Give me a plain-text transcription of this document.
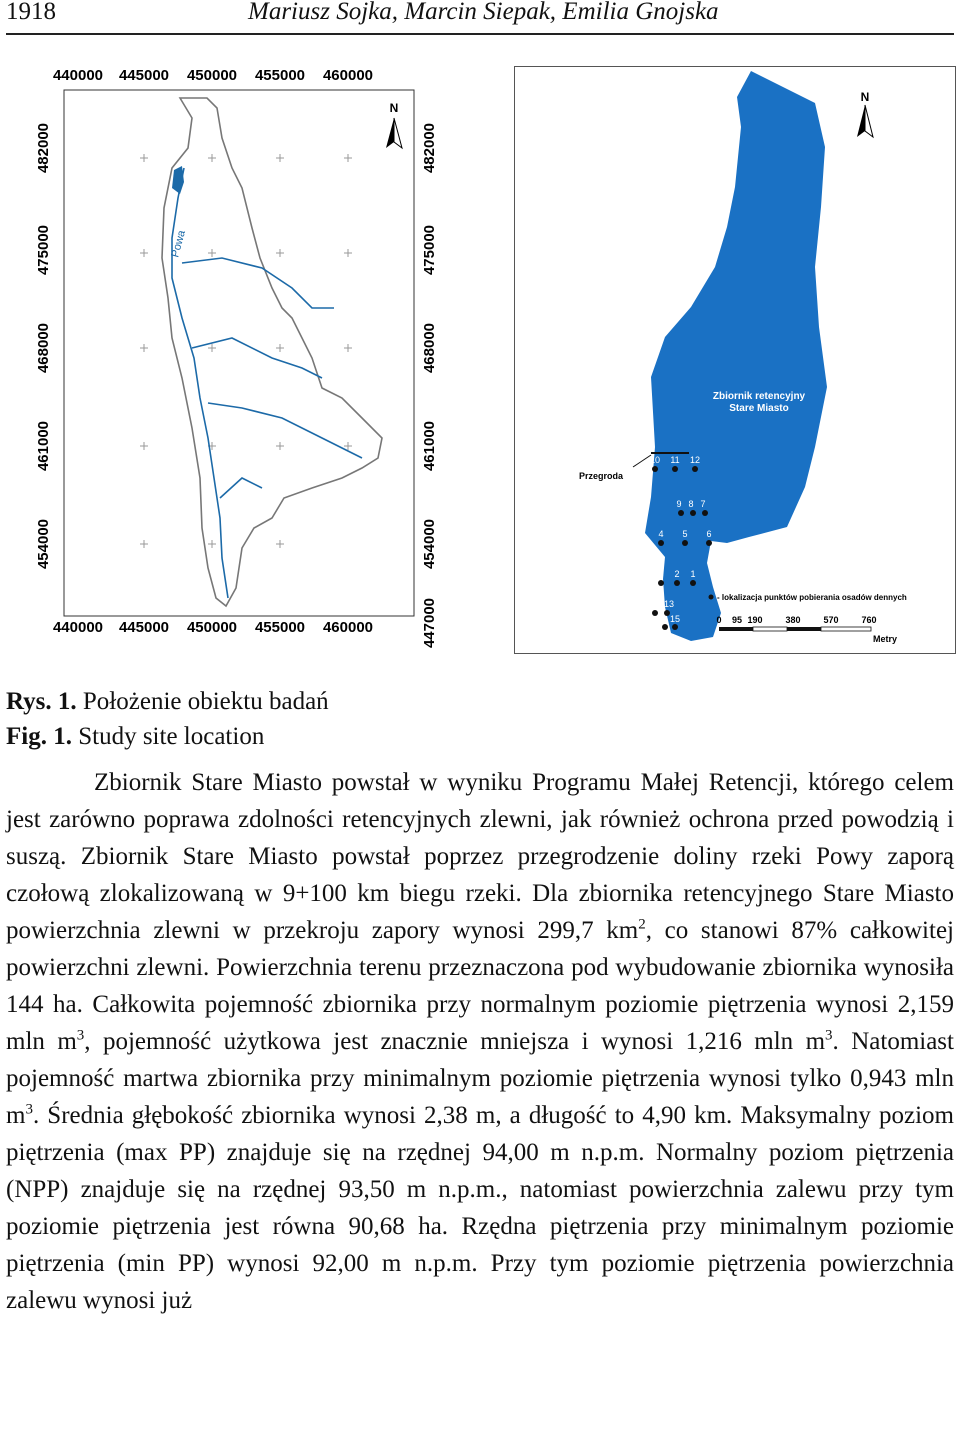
1918	Mariusz Sojka, Marcin Siepak, Emilia Gnojska
440000 445000 450000 455000 460000
440000 445000 450000 455000 460000
482000
475000
468000
461000
454000
482000
475000
468000
461000
454000
447000
Powa
N
Przegroda
Zbiornik retencyjny
Stare Miasto
N
10 11 12
9 8 7
4 5 6
3 2 1
16 13
14 15
- lokalizacja punktów pobierania osadów dennych
0 95 190	380	570	760
Metry
Rys. 1. Położenie obiektu badań
Fig. 1. Study site location
Zbiornik Stare Miasto powstał w wyniku Programu Małej Retencji, którego celem jest zarówno poprawa zdolności retencyjnych zlewni, jak również ochrona przed powodzią i suszą. Zbiornik Stare Miasto powstał poprzez przegrodzenie doliny rzeki Powy zaporą czołową zlokalizowaną w 9+100 km biegu rzeki. Dla zbiornika retencyjnego Stare Miasto powierzchnia zlewni w przekroju zapory wynosi 299,7 $km^2$, co stanowi 87% całkowitej powierzchni zlewni. Powierzchnia terenu przeznaczona pod wybudowanie zbiornika wynosiła 144 ha. Całkowita pojemność zbiornika przy normalnym poziomie piętrzenia wynosi 2,159 mln $m^3$, pojemność użytkowa jest znacznie mniejsza i wynosi 1,216 mln $m^3$. Natomiast pojemność martwa zbiornika przy minimalnym poziomie piętrzenia wynosi tylko 0,943 mln $m^3$. Średnia głębokość zbiornika wynosi 2,38 m, a długość to 4,90 km. Maksymalny poziom piętrzenia (max PP) znajduje się na rzędnej 94,00 m n.p.m. Normalny poziom piętrzenia (NPP) znajduje się na rzędnej 93,50 m n.p.m., natomiast powierzchnia zalewu przy tym poziomie piętrzenia jest równa 90,68 ha. Rzędna piętrzenia przy minimalnym poziomie piętrzenia (min PP) wynosi 92,00 m n.p.m. Przy tym poziomie piętrzenia powierzchnia zalewu wynosi już
